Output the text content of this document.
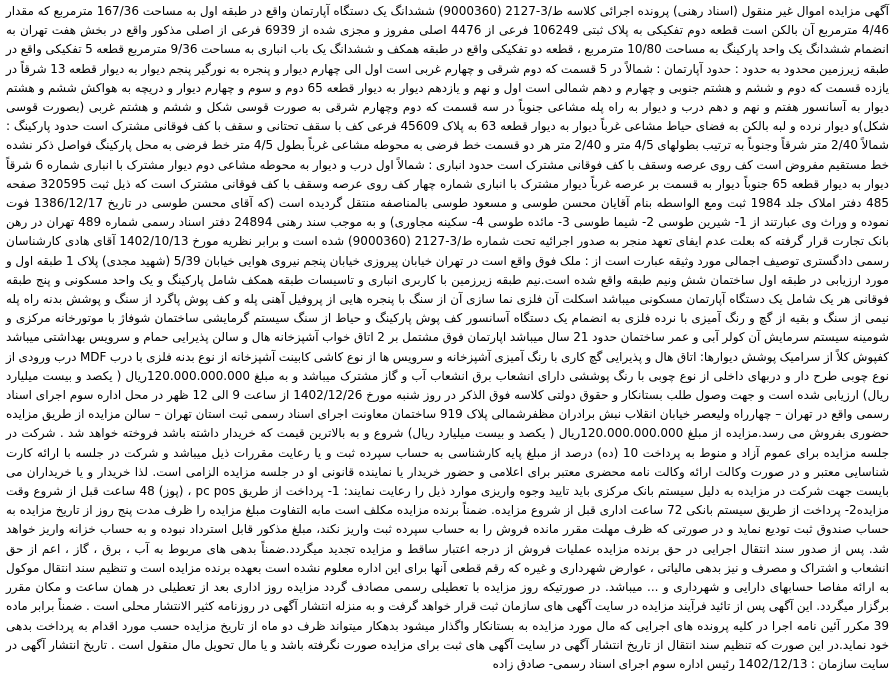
آگهی مزایده اموال غیر منقول (اسناد رهنی) پرونده اجرائی کلاسه ط/3-2127 (9000360) ششدانگ یک دستگاه آپارتمان واقع در طبقه اول به مساحت 167/36 مترمربع که مقدار 4/46 مترمربع آن بالکن است قطعه دوم تفکیکی به پلاک ثبتی 106249 فرعی از 4476 اصلی مفروز و مجزی شده از 6939 فرعی از اصلی مذکور واقع در بخش هفت تهران به انضمام ششدانگ یک واحد پارکینگ به مساحت 10/80 مترمربع ، قطعه دو تفکیکی واقع در طبقه همکف و ششدانگ یک باب انباری به مساحت 9/36 مترمربع قطعه 5 تفکیکی واقع در طبقه زیرزمین محدود به حدود : حدود آپارتمان : شمالاً در 5 قسمت که دوم شرقی و چهارم غربی است اول الی چهارم دیوار و پنجره به نورگیر پنجم دیوار به دیوار قطعه 13 شرقاً در یازده قسمت که دوم و ششم و هشتم جنوبی و چهارم و دهم شمالی است اول و نهم و یازدهم دیوار به دیوار قطعه 65 دوم و سوم و چهارم دیوار و دریچه به هواکش ششم و هشتم دیوار به آسانسور هفتم و نهم و دهم درب و دیوار به راه پله مشاعی جنوباً در سه قسمت که دوم وچهارم شرقی به صورت قوسی شکل و ششم و هشتم غربی (بصورت قوسی شکل)و دیوار نرده و لبه بالکن به فضای حیاط مشاعی غرباً دیوار به دیوار قطعه 63 به پلاک 45609 فرعی کف با سقف تحتانی و سقف با کف فوقانی مشترک است حدود پارکینگ : شمالاً 2/40 متر شرقاً وجنوباً به ترتیب بطولهای 4/5 متر و 2/40 متر هر دو قسمت خط فرضی به محوطه مشاعی غرباً بطول 4/5 متر خط فرضی به محل پارکینگ فواصل ذکر نشده خط مستقیم مفروض است کف روی عرصه وسقف با کف فوقانی مشترک است حدود انباری : شمالاً اول درب و دیوار به محوطه مشاعی دوم دیوار مشترک با انباری شماره 6 شرقاً دیوار به دیوار قطعه 65 جنوباً دیوار به قسمت بر عرصه غرباً دیوار مشترک با انباری شماره چهار کف روی عرصه وسقف با کف فوقانی مشترک است که ذیل ثبت 320595 صفحه 485 دفتر املاک جلد 1984 ثبت ومع الواسطه بنام آقایان محسن طوسی و مسعود طوسی بالمناصفه منتقل گردیده است (که آقای محسن طوسی در تاریخ 1386/12/17 فوت نموده و وراث وی عبارتند از 1- شیرین طوسی 2- شیما طوسی 3- مائده طوسی 4- سکینه مجاوری) و به موجب سند رهنی 24894 دفتر اسناد رسمی شماره 489 تهران در رهن بانک تجارت قرار گرفته که بعلت عدم ایفای تعهد منجر به صدور اجرائیه تحت شماره ط/3-2127 (9000360) شده است و برابر نظریه مورخ 1402/10/13 آقای هادی کارشناسان رسمی دادگستری توصیف اجمالی مورد وثیقه عبارت است از : ملک فوق واقع است در تهران خیابان پیروزی خیابان پنجم نیروی هوایی خیابان 5/39 (شهید مجدی) پلاک 1 طبقه اول و مورد ارزیابی در طبقه اول ساختمان شش ونیم طبقه واقع شده است.نیم طبقه زیرزمین با کاربری انباری و تاسیسات طبقه همکف شامل پارکینگ و یک واحد مسکونی و پنج طبقه فوقانی هر یک شامل یک دستگاه آپارتمان مسکونی میباشد اسکلت آن فلزی نما سازی آن از سنگ با پنجره هایی از پروفیل آهنی پله و کف پوش پاگرد از سنگ و پوشش بدنه راه پله نیمی از سنگ و بقیه از گچ و رنگ آمیزی با نرده فلزی به انضمام یک دستگاه آسانسور کف پوش پارکینگ و حیاط از سنگ سیستم گرمایشی ساختمان شوفاژ با موتورخانه مرکزی و شومینه سیستم سرمایش آن کولر آبی و عمر ساختمان حدود 21 سال میباشد اپارتمان فوق مشتمل بر 2 اتاق خواب آشپزخانه هال و سالن پذیرایی حمام و سرویس بهداشتی میباشد کفپوش کلاً از سرامیک پوشش دیوارها: اتاق هال و پذیرایی گچ کاری با رنگ آمیزی آشپزخانه و سرویس ها از نوع کاشی کابینت آشپزخانه از نوع بدنه فلزی با درب MDF درب ورودی از نوع چوبی طرح دار و دربهای داخلی از نوع چوبی با رنگ پوششی دارای انشعاب برق انشعاب آب و گاز مشترک میباشد و به مبلغ 120.000.000.000ریال ( یکصد و بیست میلیارد ریال) ارزیابی شده است و جهت وصول طلب بستانکار و حقوق دولتی کلاسه فوق الذکر در روز شنبه مورخ 1402/12/26 از ساعت 9 الی 12 ظهر در محل اداره سوم اجرای اسناد رسمی واقع در تهران – چهارراه ولیعصر خیابان انقلاب نبش برادران مظفرشمالی پلاک 919 ساختمان معاونت اجرای اسناد رسمی ثبت استان تهران – سالن مزایده از طریق مزایده حضوری بفروش می رسد.مزایده از مبلغ 120.000.000.000ریال ( یکصد و بیست میلیارد ریال) شروع و به بالاترین قیمت که خریدار داشته باشد فروخته خواهد شد . شرکت در جلسه مزایده برای عموم آزاد و منوط به پرداخت 10 (ده) درصد از مبلغ پایه کارشناسی به حساب سپرده ثبت و یا رعایت مقررات ذیل میباشد و شرکت در جلسه با ارائه کارت شناسایی معتبر و در صورت وکالت ارائه وکالت نامه محضری معتبر برای اعلامی و حضور خریدار یا نماینده قانونی او در جلسه مزایده الزامی است. لذا خریدار و یا خریداران می بایست جهت شرکت در مزایده به دلیل سیستم بانک مرکزی باید تایید وجوه واریزی موارد ذیل را رعایت نمایند: 1- پرداخت از طریق pc pos ، (پوز) 48 ساعت قبل از شروع وقت مزایده2- پرداخت از طریق سیستم بانکی 72 ساعت اداری قبل از شروع مزایده. ضمناً برنده مزایده مکلف است مابه التفاوت مبلغ مزایده را ظرف مدت پنج روز از تاریخ مزایده به حساب صندوق ثبت تودیع نماید و در صورتی که ظرف مهلت مقرر مانده فروش را به حساب سپرده ثبت واریز نکند، مبلغ مذکور قابل استرداد نبوده و به حساب خزانه واریز خواهد شد. پس از صدور سند انتقال اجرایی در حق برنده مزایده عملیات فروش از درجه اعتبار ساقط و مزایده تجدید میگردد.ضمناً بدهی های مربوط به آب ، برق ، گاز ، اعم از حق انشعاب و اشتراک و مصرف و نیز بدهی مالیاتی ، عوارض شهرداری و غیره که رقم قطعی آنها برای این اداره معلوم نشده است بعهده برنده مزایده است و تنظیم سند انتقال موکول به ارائه مفاصا حسابهای دارایی و شهرداری و ... میباشد. در صورتیکه روز مزایده با تعطیلی رسمی مصادف گردد مزایده روز اداری بعد از تعطیلی در همان ساعت و مکان مقرر برگزار میگردد. این آگهی پس از تائید فرآیند مزایده در سایت آگهی های سازمان ثبت قرار خواهد گرفت و به منزله انتشار آگهی در روزنامه کثیر الانتشار محلی است . ضمناً برابر ماده 39 مکرر آئین نامه اجرا در کلیه پرونده های اجرایی که مال مورد مزایده به بستانکار واگذار میشود بدهکار میتواند ظرف دو ماه از تاریخ مزایده حسب مورد اقدام به پرداخت بدهی خود نماید.در این صورت که تنظیم سند انتقال از تاریخ انتشار آگهی در سایت آگهی های ثبت برای مزایده صورت نگرفته باشد و یا مال تحویل مال منقول است . تاریخ انتشار آگهی در سایت سازمان : 1402/12/13 رئیس اداره سوم اجرای اسناد رسمی- صادق زاده
